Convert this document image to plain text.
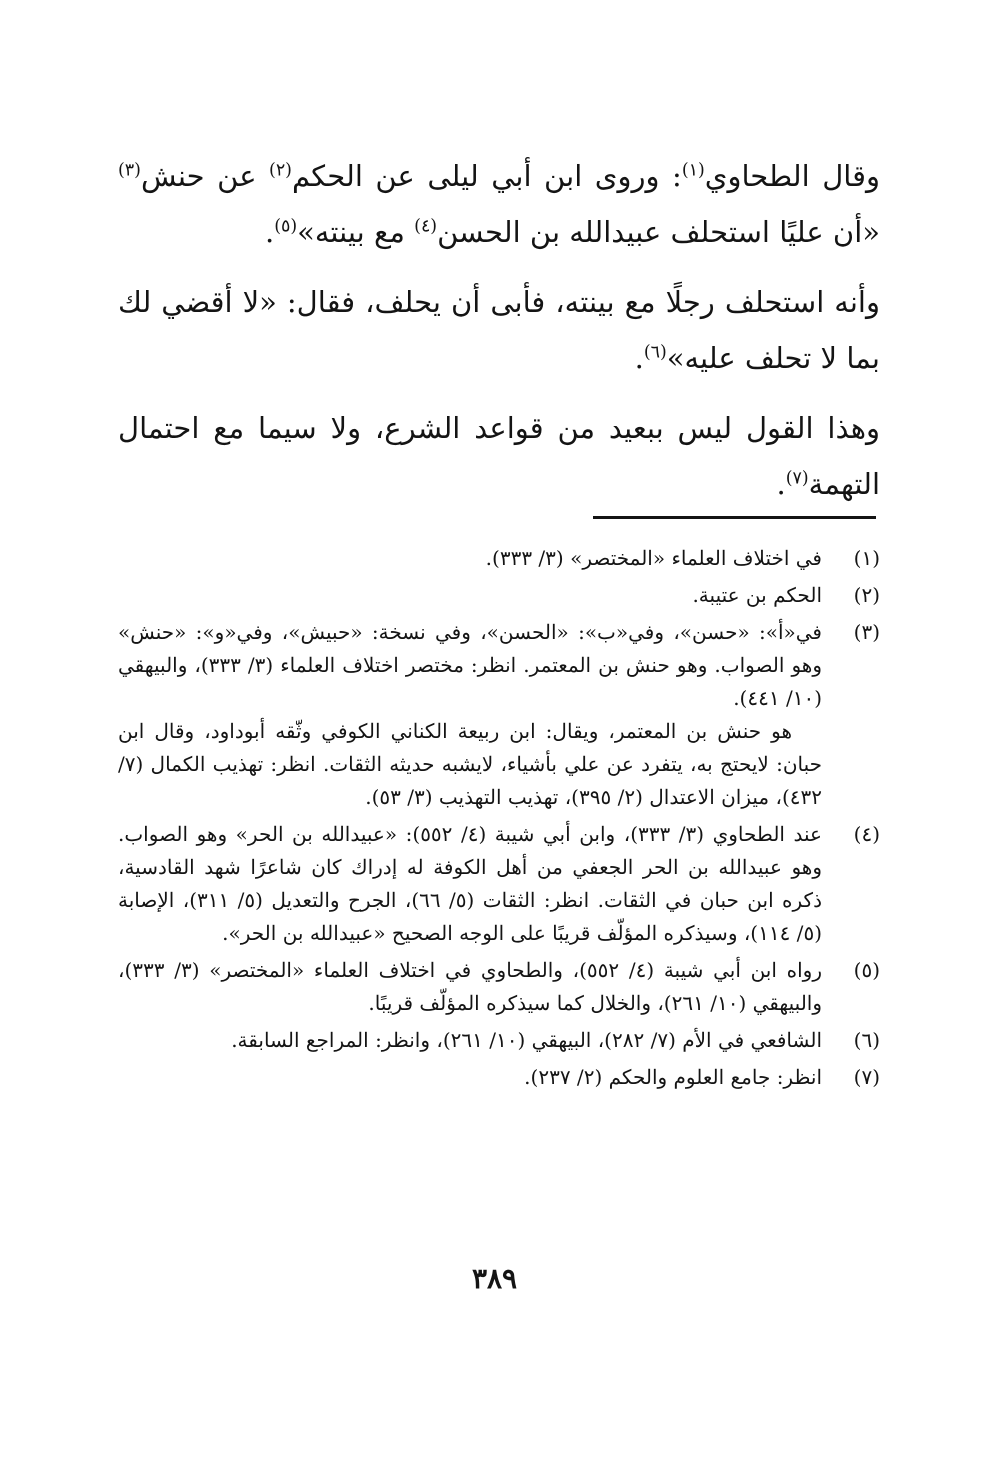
وقال الطحاوي$^{(١)}$: وروى ابن أبي ليلى عن الحكم$^{(٢)}$ عن حنش$^{(٣)}$ «أن عليًا استحلف عبيدالله بن الحسن$^{(٤)}$ مع بينته»$^{(٥)}$.

وأنه استحلف رجلًا مع بينته، فأبى أن يحلف، فقال: «لا أقضي لك بما لا تحلف عليه»$^{(٦)}$.

وهذا القول ليس ببعيد من قواعد الشرع، ولا سيما مع احتمال التهمة$^{(٧)}$.

(١)

في اختلاف العلماء «المختصر» (٣/ ٣٣٣).

(٢)

الحكم بن عتيبة.

(٣)

في«أ»: «حسن»، وفي«ب»: «الحسن»، وفي نسخة: «حبيش»، وفي«و»: «حنش» وهو الصواب. وهو حنش بن المعتمر. انظر: مختصر اختلاف العلماء (٣/ ٣٣٣)، والبيهقي (١٠/ ٤٤١).

هو حنش بن المعتمر، ويقال: ابن ربيعة الكناني الكوفي وثّقه أبوداود، وقال ابن حبان: لايحتج به، يتفرد عن علي بأشياء، لايشبه حديثه الثقات. انظر: تهذيب الكمال (٧/ ٤٣٢)، ميزان الاعتدال (٢/ ٣٩٥)، تهذيب التهذيب (٣/ ٥٣).

(٤)

عند الطحاوي (٣/ ٣٣٣)، وابن أبي شيبة (٤/ ٥٥٢): «عبيدالله بن الحر» وهو الصواب. وهو عبيدالله بن الحر الجعفي من أهل الكوفة له إدراك كان شاعرًا شهد القادسية، ذكره ابن حبان في الثقات. انظر: الثقات (٥/ ٦٦)، الجرح والتعديل (٥/ ٣١١)، الإصابة (٥/ ١١٤)، وسيذكره المؤلّف قريبًا على الوجه الصحيح «عبيدالله بن الحر».

(٥)

رواه ابن أبي شيبة (٤/ ٥٥٢)، والطحاوي في اختلاف العلماء «المختصر» (٣/ ٣٣٣)، والبيهقي (١٠/ ٢٦١)، والخلال كما سيذكره المؤلّف قريبًا.

(٦)

الشافعي في الأم (٧/ ٢٨٢)، البيهقي (١٠/ ٢٦١)، وانظر: المراجع السابقة.

(٧)

انظر: جامع العلوم والحكم (٢/ ٢٣٧).

٣٨٩
